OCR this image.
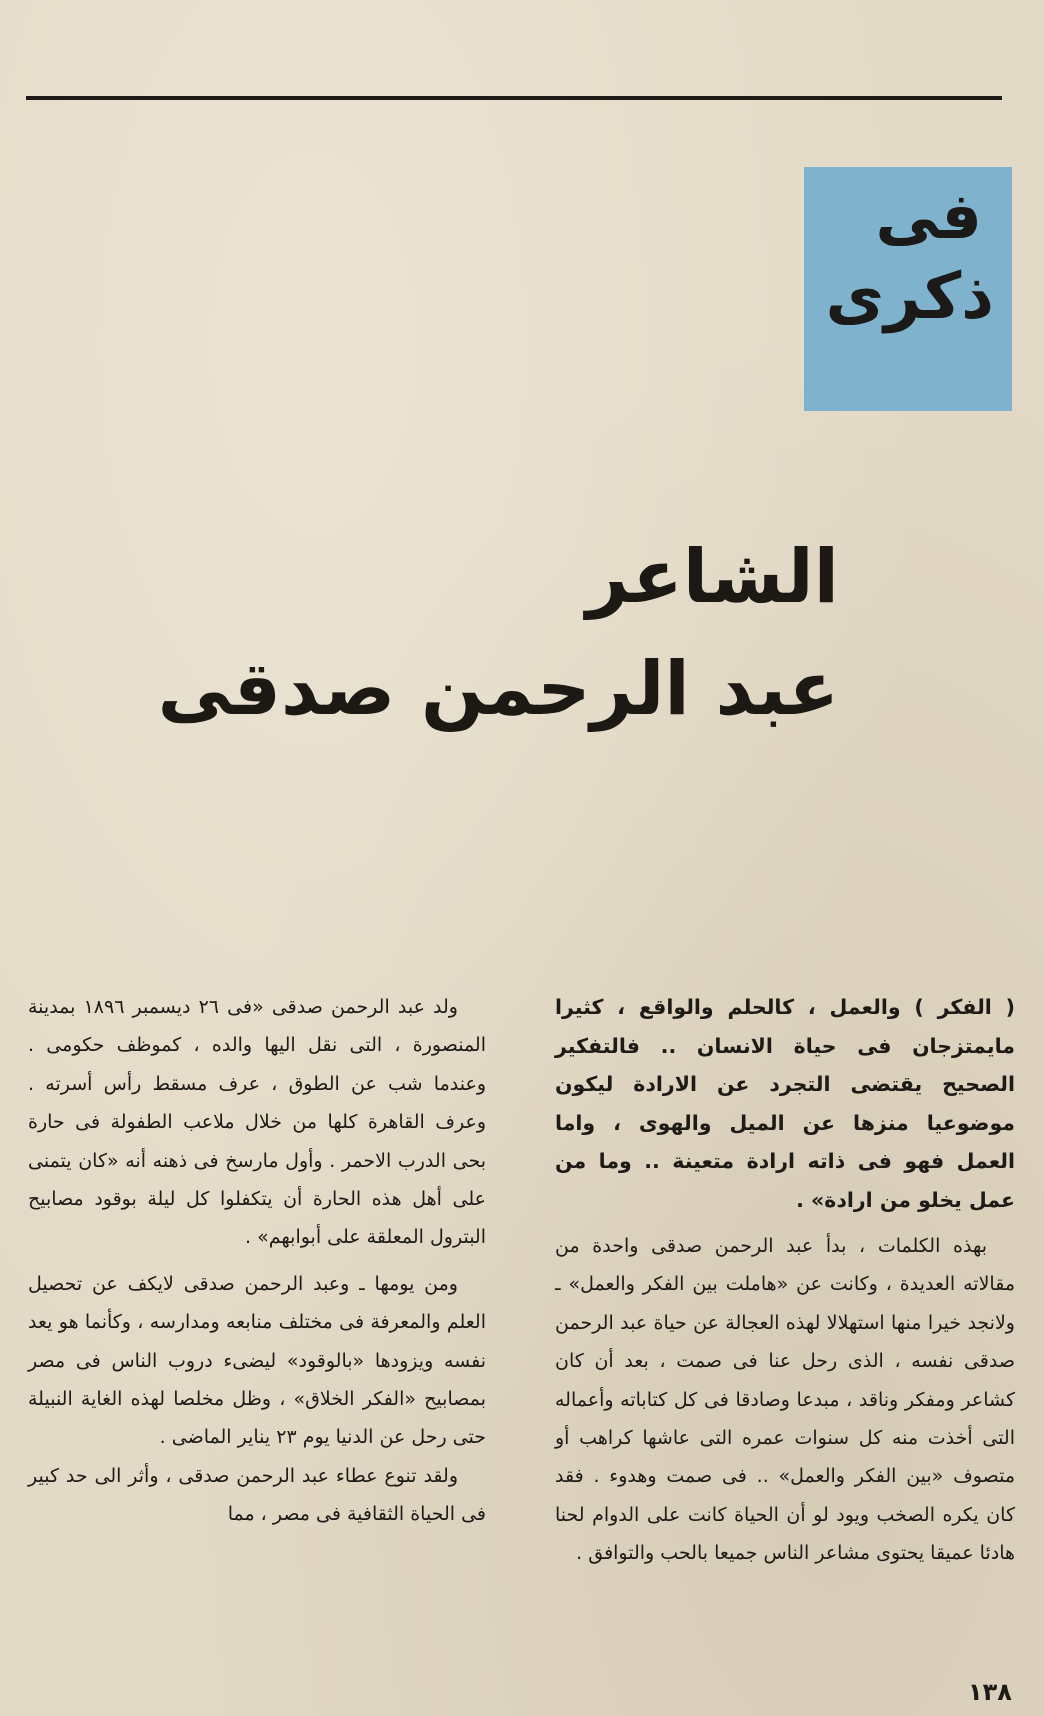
فى
ذكرى
الشاعر
عبد الرحمن صدقى

( الفكر ) والعمل ، كالحلم والواقع ، كثيرا مايمتزجان فى حياة الانسان .. فالتفكير الصحيح يقتضى التجرد عن الارادة ليكون موضوعيا منزها عن الميل والهوى ، واما العمل فهو فى ذاته ارادة متعينة .. وما من عمل يخلو من ارادة» .

بهذه الكلمات ، بدأ عبد الرحمن صدقى واحدة من مقالاته العديدة ، وكانت عن «هاملت بين الفكر والعمل» ـ ولانجد خيرا منها استهلالا لهذه العجالة عن حياة عبد الرحمن صدقى نفسه ، الذى رحل عنا فى صمت ، بعد أن كان كشاعر ومفكر وناقد ، مبدعا وصادقا فى كل كتاباته وأعماله التى أخذت منه كل سنوات عمره التى عاشها كراهب أو متصوف «بين الفكر والعمل» .. فى صمت وهدوء . فقد كان يكره الصخب ويود لو أن الحياة كانت على الدوام لحنا هادئا عميقا يحتوى مشاعر الناس جميعا بالحب والتوافق .

ولد عبد الرحمن صدقى «فى ٢٦ ديسمبر ١٨٩٦ بمدينة المنصورة ، التى نقل اليها والده ، كموظف حكومى . وعندما شب عن الطوق ، عرف مسقط رأس أسرته . وعرف القاهرة كلها من خلال ملاعب الطفولة فى حارة بحى الدرب الاحمر . وأول مارسخ فى ذهنه أنه «كان يتمنى على أهل هذه الحارة أن يتكفلوا كل ليلة بوقود مصابيح البترول المعلقة على أبوابهم» .

ومن يومها ـ وعبد الرحمن صدقى لايكف عن تحصيل العلم والمعرفة فى مختلف منابعه ومدارسه ، وكأنما هو يعد نفسه ويزودها «بالوقود» ليضىء دروب الناس فى مصر بمصابيح «الفكر الخلاق» ، وظل مخلصا لهذه الغاية النبيلة حتى رحل عن الدنيا يوم ٢٣ يناير الماضى .

ولقد تنوع عطاء عبد الرحمن صدقى ، وأثر الى حد كبير فى الحياة الثقافية فى مصر ، مما

١٣٨
